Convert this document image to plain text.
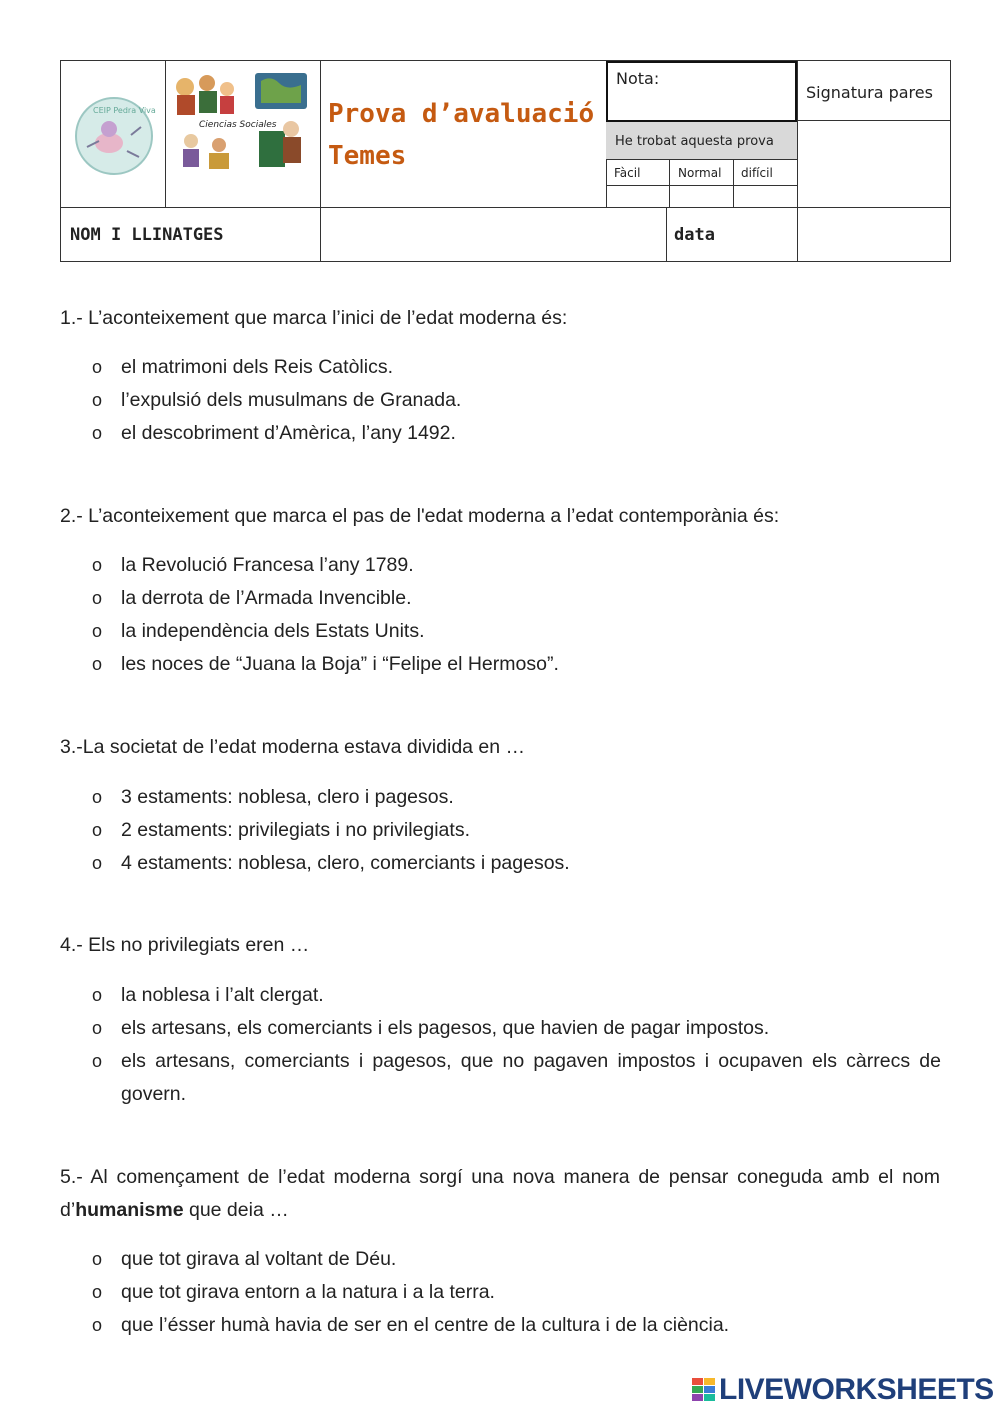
CEIP Pedra Viva
Ciencias Sociales Prova d’avaluació
Temes
Nota:
Signatura pares
He trobat aquesta prova
Fàcil	Normal difícil
NOM I LLINATGES	data
1.- L’aconteixement que marca l’inici de l’edat moderna és:
o el matrimoni dels Reis Catòlics.
o l’expulsió dels musulmans de Granada.
o el descobriment d’Amèrica, l’any 1492.
2.- L’aconteixement que marca el pas de l'edat moderna a l’edat contemporània és:
o la Revolució Francesa l’any 1789.
o la derrota de l’Armada Invencible.
o la independència dels Estats Units.
o les noces de “Juana la Boja” i “Felipe el Hermoso”.
3.-La societat de l’edat moderna estava dividida en …
o 3 estaments: noblesa, clero i pagesos.
o 2 estaments: privilegiats i no privilegiats.
o 4 estaments: noblesa, clero, comerciants i pagesos.
4.- Els no privilegiats eren …
o la noblesa i l’alt clergat.
o els artesans, els comerciants i els pagesos, que havien de pagar impostos.
o els artesans, comerciants i pagesos, que no pagaven impostos i ocupaven els càrrecs de govern.
5.- Al començament de l’edat moderna sorgí una nova manera de pensar coneguda amb el nom d’humanisme que deia …
o que tot girava al voltant de Déu.
o que tot girava entorn a la natura i a la terra.
o que l’ésser humà havia de ser en el centre de la cultura i de la ciència.
LIVEWORKSHEETS
